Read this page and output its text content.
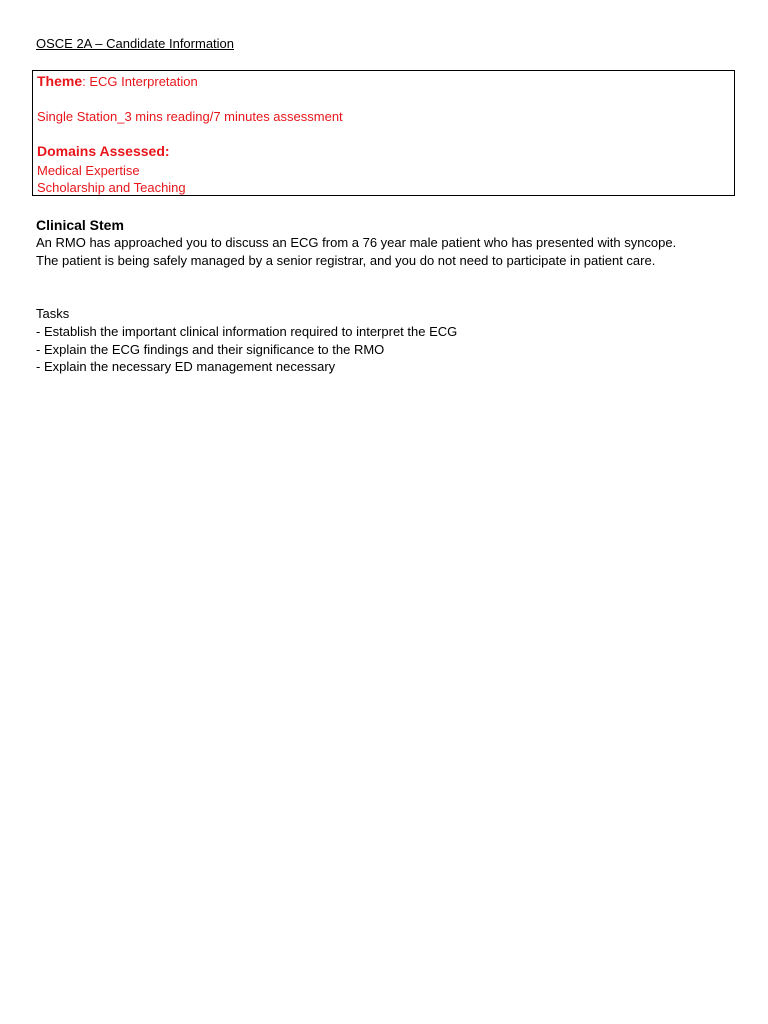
OSCE 2A – Candidate Information
Theme: ECG Interpretation
Single Station_3 mins reading/7 minutes assessment
Domains Assessed:
Medical Expertise
Scholarship and Teaching
Clinical Stem
An RMO has approached you to discuss an ECG from a 76 year male patient who has presented with syncope.
The patient is being safely managed by a senior registrar, and you do not need to participate in patient care.
Tasks
- Establish the important clinical information required to interpret the ECG
- Explain the ECG findings and their significance to the RMO
- Explain the necessary ED management necessary
